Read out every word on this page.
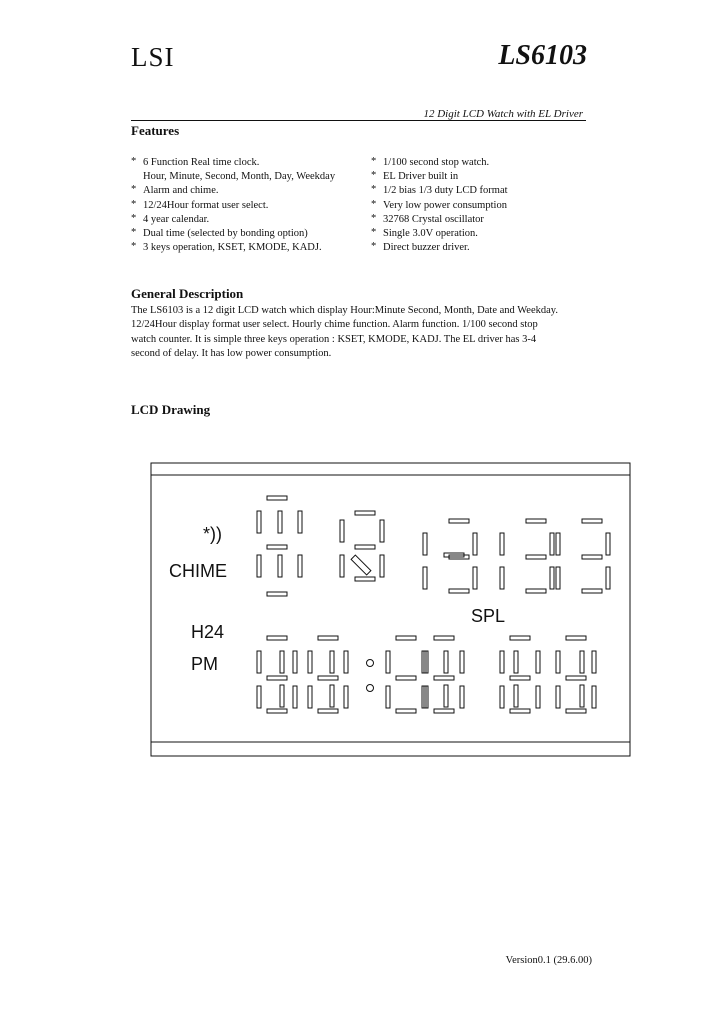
LSI	LS6103
12 Digit LCD Watch with EL Driver
Features
* 6 Function Real time clock.
Hour, Minute, Second, Month, Day, Weekday
* Alarm and chime.
* 12/24Hour format user select.
* 4 year calendar.
* Dual time (selected by bonding option)
* 3 keys operation, KSET, KMODE, KADJ.
* 1/100 second stop watch.
* EL Driver built in
* 1/2 bias 1/3 duty LCD format
* Very low power consumption
* 32768 Crystal oscillator
* Single 3.0V operation.
* Direct buzzer driver.
General Description
The LS6103 is a 12 digit LCD watch which display Hour:Minute Second, Month, Date and Weekday.
12/24Hour display format user select. Hourly chime function. Alarm function. 1/100 second stop
watch counter. It is simple three keys operation : KSET, KMODE, KADJ. The EL driver has 3-4
second of delay. It has low power consumption.
LCD Drawing
*))
CHIME
SPL
H24
PM
Version0.1 (29.6.00)
